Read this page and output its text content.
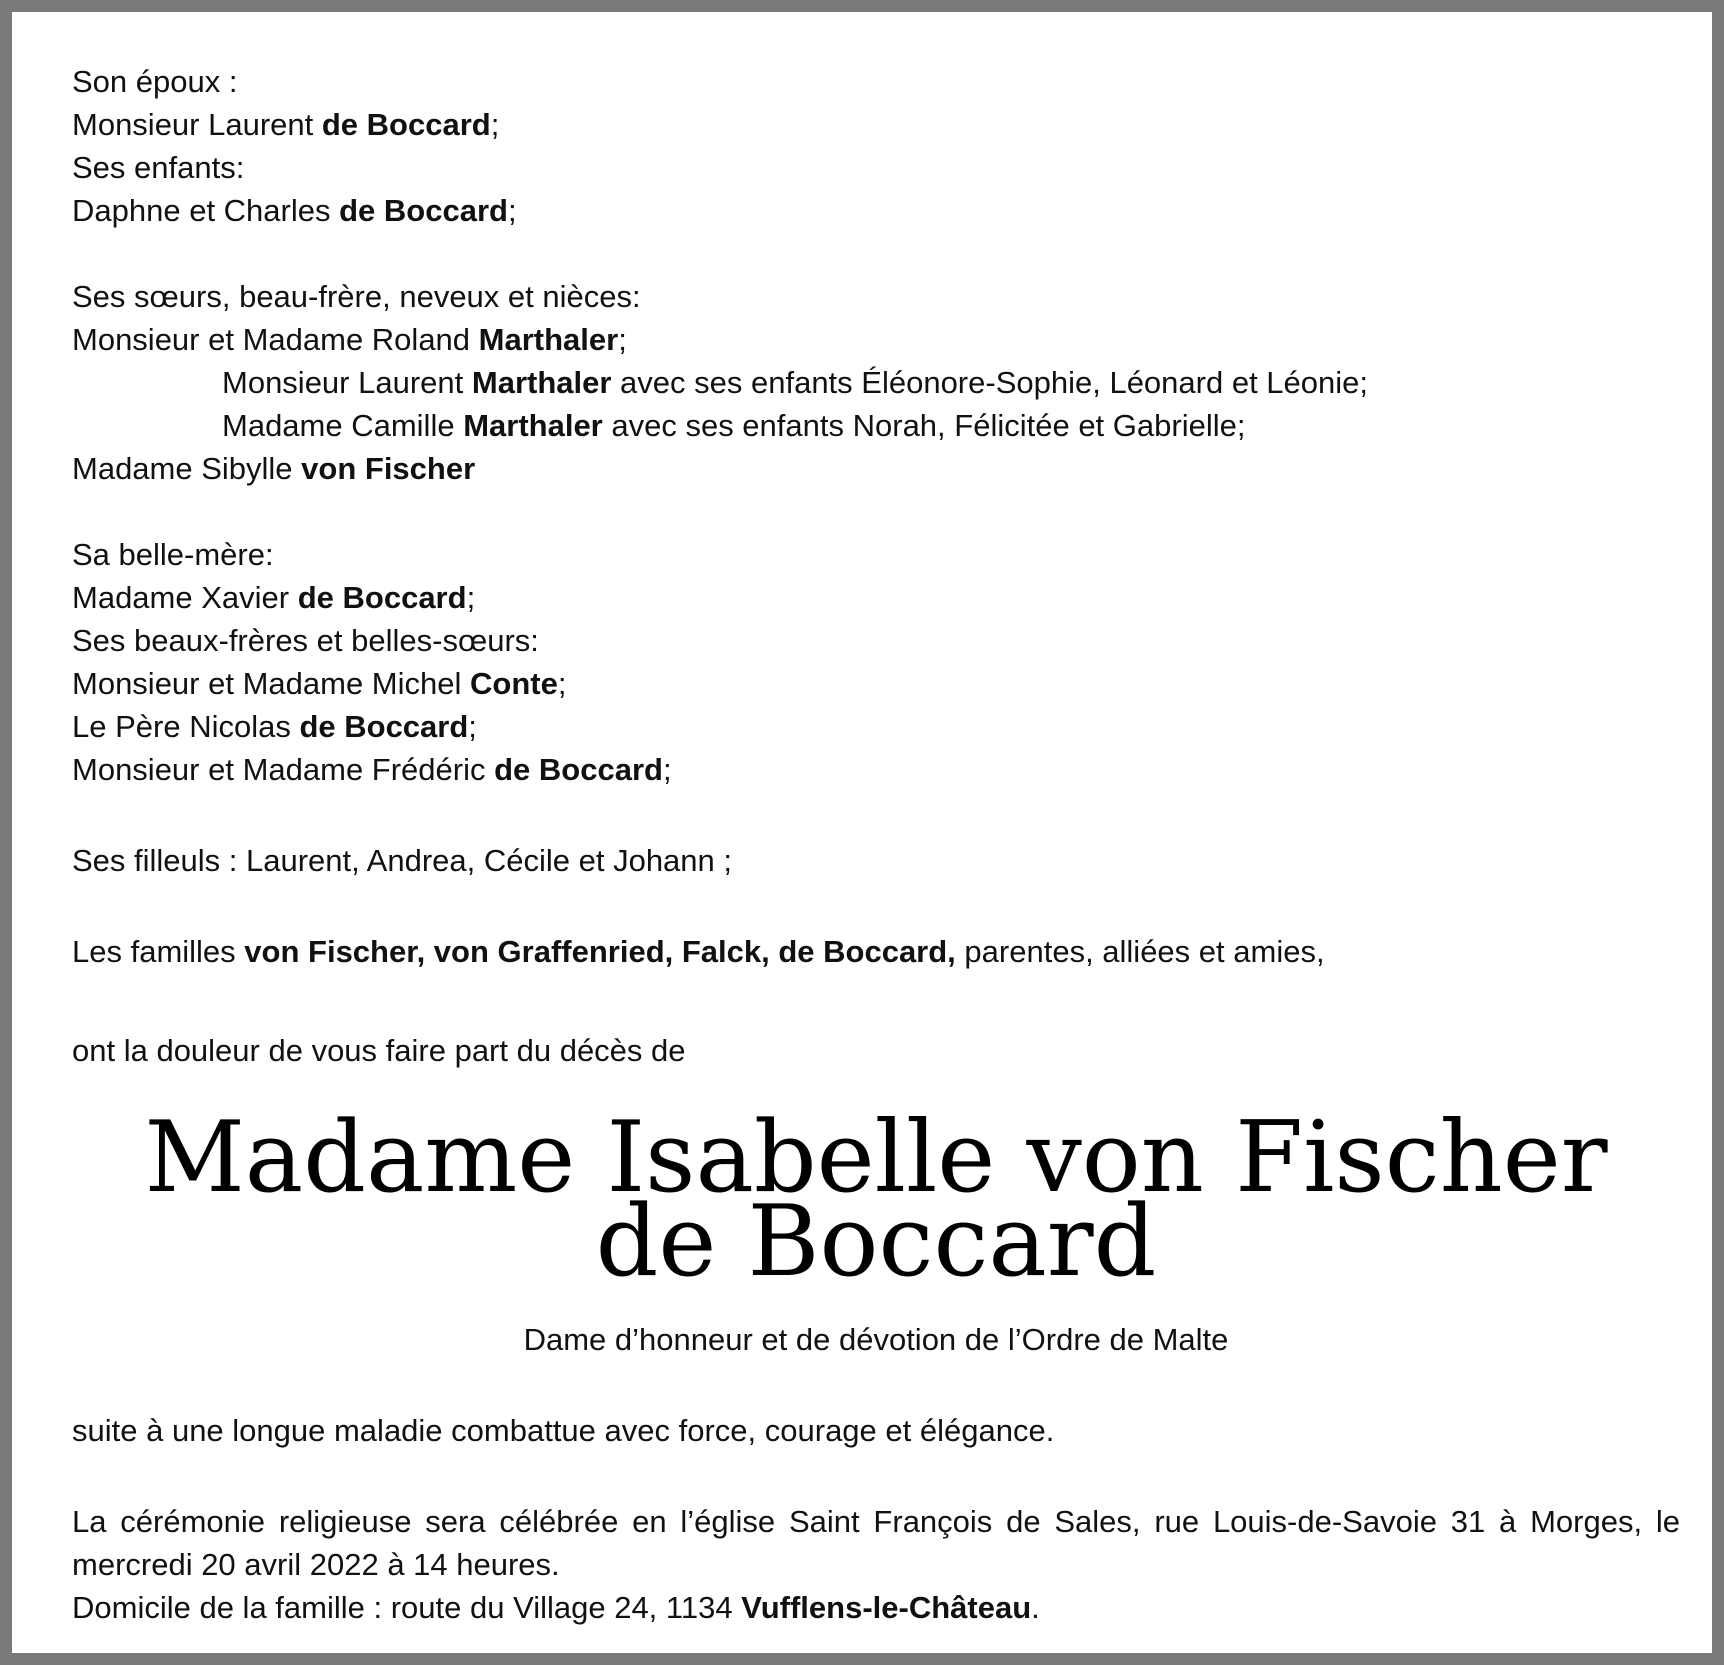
Son époux :
Monsieur Laurent de Boccard;
Ses enfants:
Daphne et Charles de Boccard;
Ses sœurs, beau-frère, neveux et nièces:
Monsieur et Madame Roland Marthaler;
Monsieur Laurent Marthaler avec ses enfants Éléonore-Sophie, Léonard et Léonie;
Madame Camille Marthaler avec ses enfants Norah, Félicitée et Gabrielle;
Madame Sibylle von Fischer
Sa belle-mère:
Madame Xavier de Boccard;
Ses beaux-frères et belles-sœurs:
Monsieur et Madame Michel Conte;
Le Père Nicolas de Boccard;
Monsieur et Madame Frédéric de Boccard;
Ses filleuls : Laurent, Andrea, Cécile et Johann ;
Les familles von Fischer, von Graffenried, Falck, de Boccard, parentes, alliées et amies,
ont la douleur de vous faire part du décès de
Madame Isabelle von Fischer
de Boccard
Dame d’honneur et de dévotion de l’Ordre de Malte
suite à une longue maladie combattue avec force, courage et élégance.
La cérémonie religieuse sera célébrée en l’église Saint François de Sales, rue Louis-de-Savoie 31 à Morges, le mercredi 20 avril 2022 à 14 heures.
Domicile de la famille : route du Village 24, 1134 Vufflens-le-Château.
